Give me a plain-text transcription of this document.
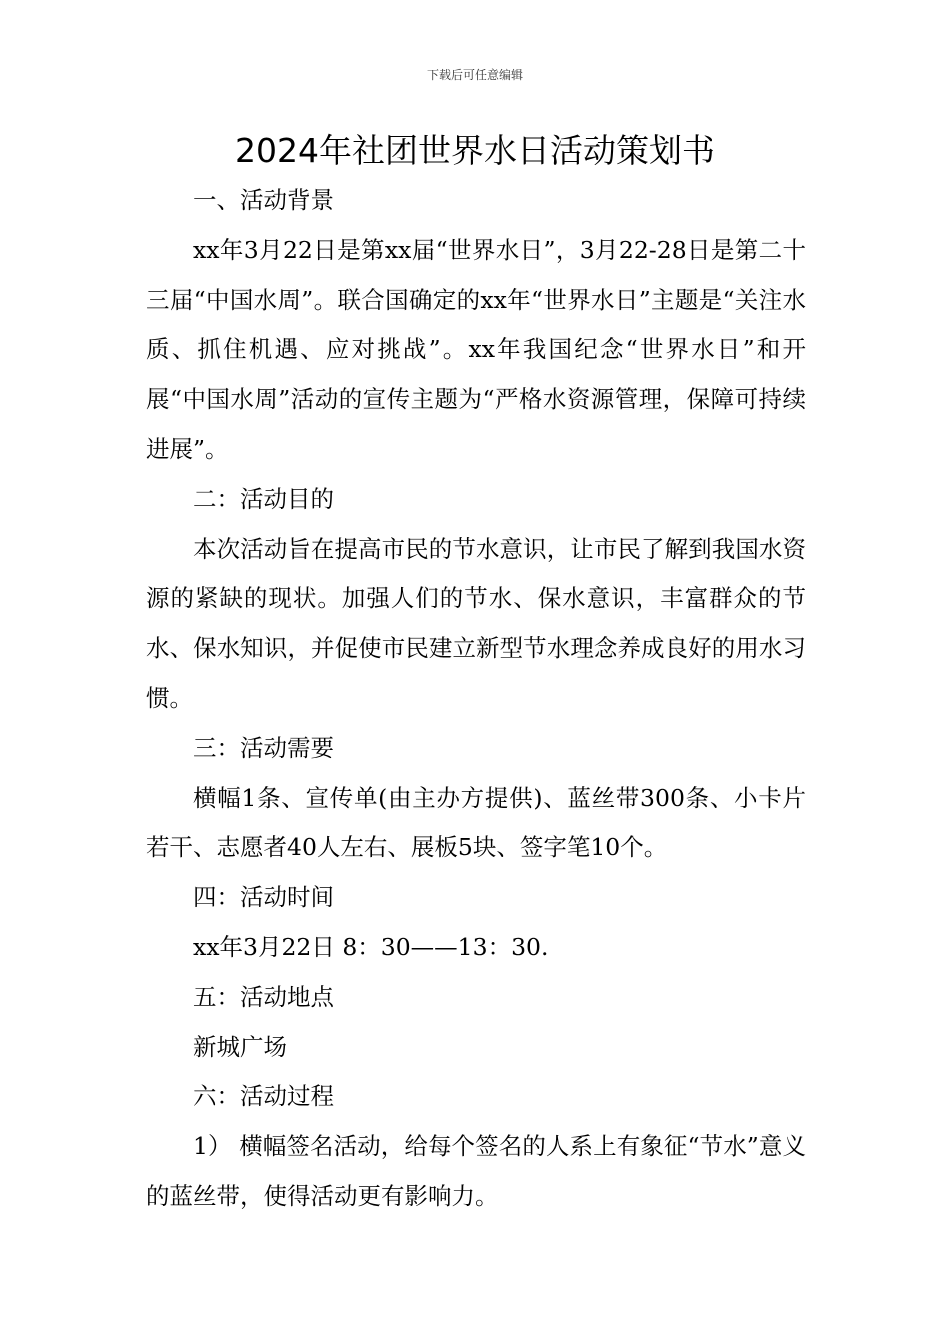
下载后可任意编辑
2024年社团世界水日活动策划书

一、活动背景

xx年3月22日是第xx届“世界水日”，3月22-28日是第二十三届“中国水周”。联合国确定的xx年“世界水日”主题是“关注水质、抓住机遇、应对挑战”。xx年我国纪念“世界水日”和开展“中国水周”活动的宣传主题为“严格水资源管理，保障可持续进展”。

二：活动目的

本次活动旨在提高市民的节水意识，让市民了解到我国水资源的紧缺的现状。加强人们的节水、保水意识，丰富群众的节水、保水知识，并促使市民建立新型节水理念养成良好的用水习惯。

三：活动需要

横幅1条、宣传单(由主办方提供)、蓝丝带300条、小卡片若干、志愿者40人左右、展板5块、签字笔10个。

四：活动时间

xx年3月22日 8：30——13：30.

五：活动地点

新城广场

六：活动过程

1） 横幅签名活动，给每个签名的人系上有象征“节水”意义的蓝丝带，使得活动更有影响力。
